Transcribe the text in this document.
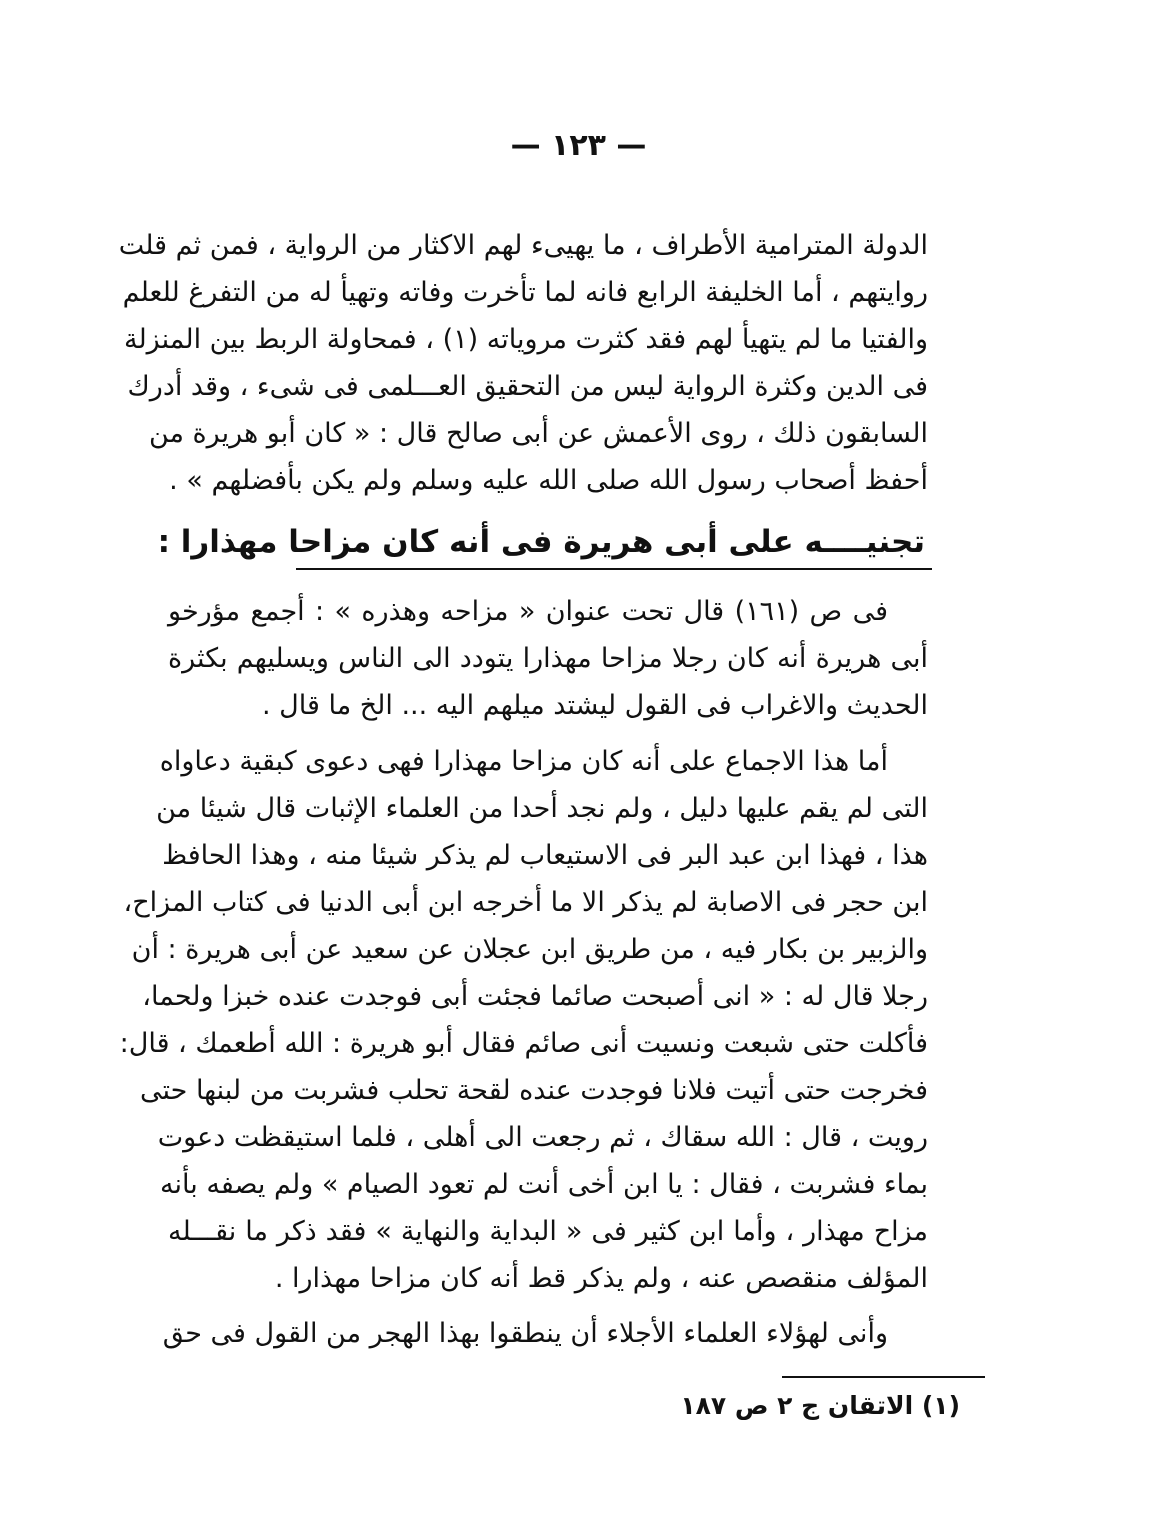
— ١٢٣ —
الدولة المترامية الأطراف ، ما يهيىء لهم الاكثار من الرواية ، فمن ثم قلت
روايتهم ، أما الخليفة الرابع فانه لما تأخرت وفاته وتهيأ له من التفرغ للعلم
والفتيا ما لم يتهيأ لهم فقد كثرت مروياته (١) ، فمحاولة الربط بين المنزلة
فى الدين وكثرة الرواية ليس من التحقيق العـــلمى فى شىء ، وقد أدرك
السابقون ذلك ، روى الأعمش عن أبى صالح قال : « كان أبو هريرة من
أحفظ أصحاب رسول الله صلى الله عليه وسلم ولم يكن بأفضلهم » .
تجنيــــه على أبى هريرة فى أنه كان مزاحا مهذارا :
فى ص (١٦١) قال تحت عنوان « مزاحه وهذره » : أجمع مؤرخو
أبى هريرة أنه كان رجلا مزاحا مهذارا يتودد الى الناس ويسليهم بكثرة
الحديث والاغراب فى القول ليشتد ميلهم اليه ... الخ ما قال .
أما هذا الاجماع على أنه كان مزاحا مهذارا فهى دعوى كبقية دعاواه
التى لم يقم عليها دليل ، ولم نجد أحدا من العلماء الإثبات قال شيئا من
هذا ، فهذا ابن عبد البر فى الاستيعاب لم يذكر شيئا منه ، وهذا الحافظ
ابن حجر فى الاصابة لم يذكر الا ما أخرجه ابن أبى الدنيا فى كتاب المزاح،
والزبير بن بكار فيه ، من طريق ابن عجلان عن سعيد عن أبى هريرة : أن
رجلا قال له : « انى أصبحت صائما فجئت أبى فوجدت عنده خبزا ولحما،
فأكلت حتى شبعت ونسيت أنى صائم فقال أبو هريرة : الله أطعمك ، قال:
فخرجت حتى أتيت فلانا فوجدت عنده لقحة تحلب فشربت من لبنها حتى
رويت ، قال : الله سقاك ، ثم رجعت الى أهلى ، فلما استيقظت دعوت
بماء فشربت ، فقال : يا ابن أخى أنت لم تعود الصيام » ولم يصفه بأنه
مزاح مهذار ، وأما ابن كثير فى « البداية والنهاية » فقد ذكر ما نقـــله
المؤلف منقصص عنه ، ولم يذكر قط أنه كان مزاحا مهذارا .
وأنى لهؤلاء العلماء الأجلاء أن ينطقوا بهذا الهجر من القول فى حق
(١) الاتقان ج ٢ ص ١٨٧
